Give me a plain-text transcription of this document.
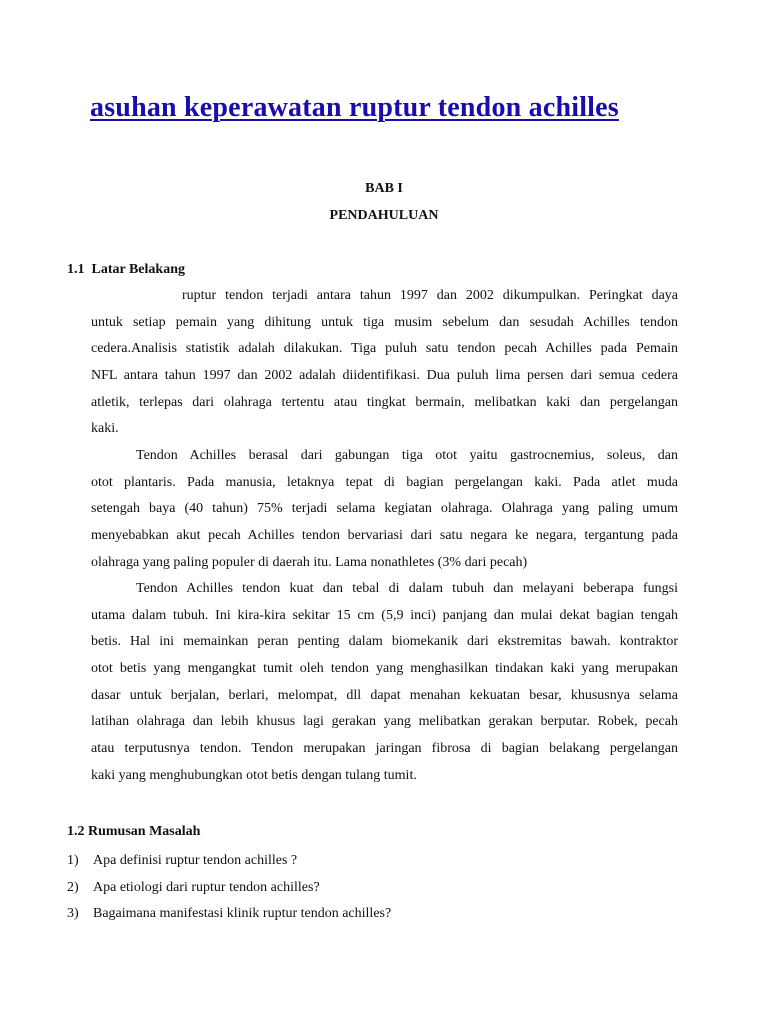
asuhan keperawatan ruptur tendon achilles

BAB I

PENDAHULUAN

1.1  Latar Belakang

ruptur tendon terjadi antara tahun 1997 dan 2002 dikumpulkan. Peringkat daya
untuk setiap pemain yang dihitung untuk tiga musim sebelum dan sesudah Achilles tendon
cedera.Analisis statistik adalah dilakukan. Tiga puluh satu tendon pecah Achilles pada Pemain
NFL antara tahun 1997 dan 2002 adalah diidentifikasi. Dua puluh lima persen dari semua cedera
atletik, terlepas dari olahraga tertentu atau tingkat bermain, melibatkan kaki dan pergelangan
kaki.
Tendon Achilles berasal dari gabungan tiga otot yaitu gastrocnemius, soleus, dan
otot plantaris. Pada manusia, letaknya tepat di bagian pergelangan kaki. Pada atlet muda
setengah baya (40 tahun) 75% terjadi selama kegiatan olahraga. Olahraga yang paling umum
menyebabkan akut pecah Achilles tendon bervariasi dari satu negara ke negara, tergantung pada
olahraga yang paling populer di daerah itu. Lama nonathletes (3% dari pecah)
Tendon Achilles tendon kuat dan tebal di dalam tubuh dan melayani beberapa fungsi
utama dalam tubuh. Ini kira-kira sekitar 15 cm (5,9 inci) panjang dan mulai dekat bagian tengah
betis. Hal ini memainkan peran penting dalam biomekanik dari ekstremitas bawah. kontraktor
otot betis yang mengangkat tumit oleh tendon yang menghasilkan tindakan kaki yang merupakan
dasar untuk berjalan, berlari, melompat, dll dapat menahan kekuatan besar, khususnya selama
latihan olahraga dan lebih khusus lagi gerakan yang melibatkan gerakan berputar. Robek, pecah
atau terputusnya tendon. Tendon merupakan jaringan fibrosa di bagian belakang pergelangan
kaki yang menghubungkan otot betis dengan tulang tumit.

1.2 Rumusan Masalah

1) Apa definisi ruptur tendon achilles ?
2) Apa etiologi dari ruptur tendon achilles?
3) Bagaimana manifestasi klinik ruptur tendon achilles?
